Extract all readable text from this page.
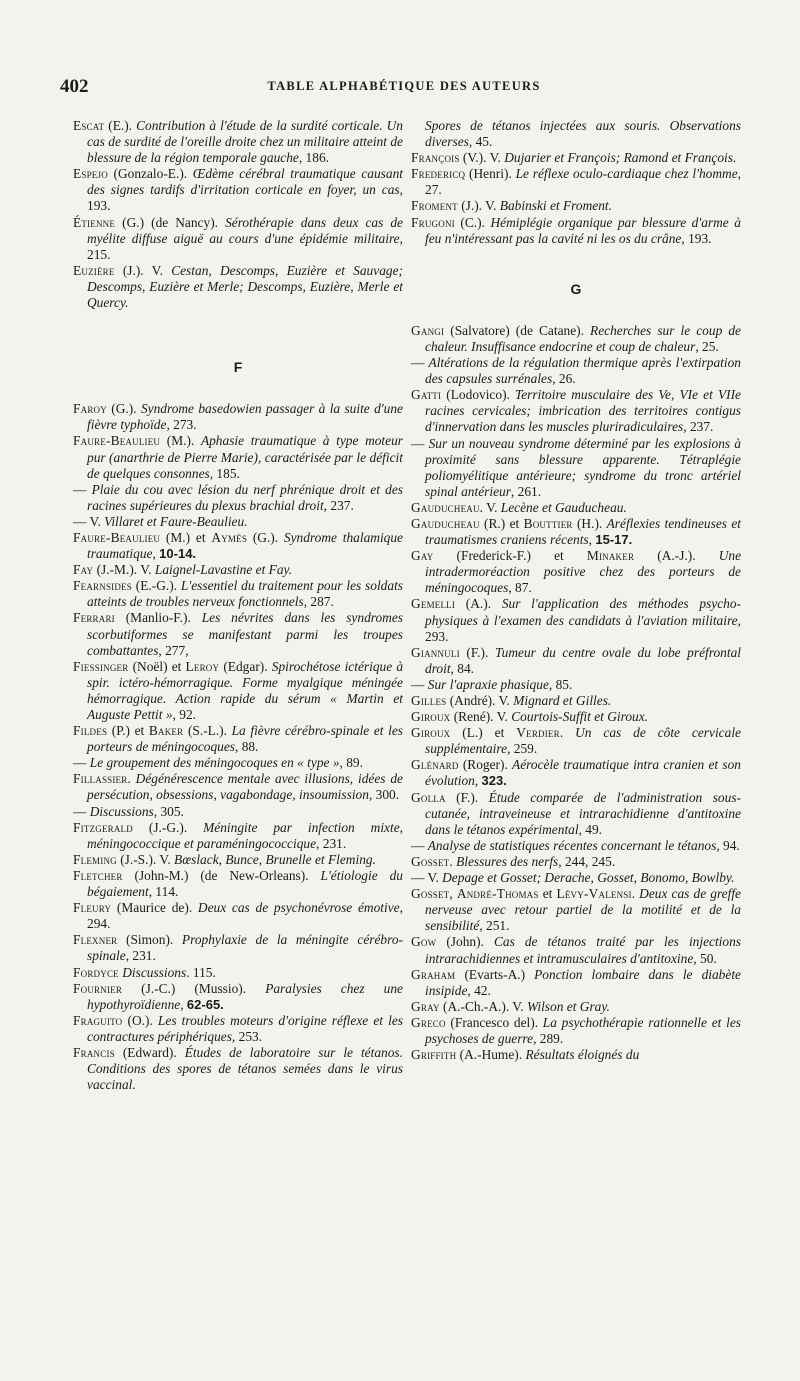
402	TABLE ALPHABÉTIQUE DES AUTEURS

Escat (E.). Contribution à l'étude de la surdité corticale. Un cas de surdité de l'oreille droite chez un militaire atteint de blessure de la région temporale gauche, 186.

Espejo (Gonzalo-E.). Œdème cérébral traumatique causant des signes tardifs d'irritation corticale en foyer, un cas, 193.

Étienne (G.) (de Nancy). Sérothérapie dans deux cas de myélite diffuse aiguë au cours d'une épidémie militaire, 215.

Euzière (J.). V. Cestan, Descomps, Euzière et Sauvage; Descomps, Euzière et Merle; Descomps, Euzière, Merle et Quercy.

F

Faroy (G.). Syndrome basedowien passager à la suite d'une fièvre typhoïde, 273.

Faure-Beaulieu (M.). Aphasie traumatique à type moteur pur (anarthrie de Pierre Marie), caractérisée par le déficit de quelques consonnes, 185.

— Plaie du cou avec lésion du nerf phrénique droit et des racines supérieures du plexus brachial droit, 237.

— V. Villaret et Faure-Beaulieu.

Faure-Beaulieu (M.) et Aymès (G.). Syndrome thalamique traumatique, 10-14.

Fay (J.-M.). V. Laignel-Lavastine et Fay.

Fearnsides (E.-G.). L'essentiel du traitement pour les soldats atteints de troubles nerveux fonctionnels, 287.

Ferrari (Manlio-F.). Les névrites dans les syndromes scorbutiformes se manifestant parmi les troupes combattantes, 277,

Fiessinger (Noël) et Leroy (Edgar). Spirochétose ictérique à spir. ictéro-hémorragique. Forme myalgique méningée hémorragique. Action rapide du sérum « Martin et Auguste Pettit », 92.

Fildes (P.) et Baker (S.-L.). La fièvre cérébro-spinale et les porteurs de méningocoques, 88.

— Le groupement des méningocoques en « type », 89.

Fillassier. Dégénérescence mentale avec illusions, idées de persécution, obsessions, vagabondage, insoumission, 300.

— Discussions, 305.

Fitzgerald (J.-G.). Méningite par infection mixte, méningococcique et paraméningococcique, 231.

Fleming (J.-S.). V. Bœslack, Bunce, Brunelle et Fleming.

Fletcher (John-M.) (de New-Orleans). L'étiologie du bégaiement, 114.

Fleury (Maurice de). Deux cas de psychonévrose émotive, 294.

Flexner (Simon). Prophylaxie de la méningite cérébro-spinale, 231.

Fordyce Discussions. 115.

Fournier (J.-C.) (Mussio). Paralysies chez une hypothyroïdienne, 62-65.

Fraguito (O.). Les troubles moteurs d'origine réflexe et les contractures périphériques, 253.

Francis (Edward). Études de laboratoire sur le tétanos. Conditions des spores de tétanos semées dans le virus vaccinal.

Spores de tétanos injectées aux souris. Observations diverses, 45.

François (V.). V. Dujarier et François; Ramond et François.

Fredericq (Henri). Le réflexe oculo-cardiaque chez l'homme, 27.

Froment (J.). V. Babinski et Froment.

Frugoni (C.). Hémiplégie organique par blessure d'arme à feu n'intéressant pas la cavité ni les os du crâne, 193.

G

Gangi (Salvatore) (de Catane). Recherches sur le coup de chaleur. Insuffisance endocrine et coup de chaleur, 25.

— Altérations de la régulation thermique après l'extirpation des capsules surrénales, 26.

Gatti (Lodovico). Territoire musculaire des Ve, VIe et VIIe racines cervicales; imbrication des territoires contigus d'innervation dans les muscles pluriradiculaires, 237.

— Sur un nouveau syndrome déterminé par les explosions à proximité sans blessure apparente. Tétraplégie poliomyélitique antérieure; syndrome du tronc artériel spinal antérieur, 261.

Gauducheau. V. Lecène et Gauducheau.

Gauducheau (R.) et Bouttier (H.). Aréflexies tendineuses et traumatismes craniens récents, 15-17.

Gay (Frederick-F.) et Minaker (A.-J.). Une intradermoréaction positive chez des porteurs de méningocoques, 87.

Gemelli (A.). Sur l'application des méthodes psycho-physiques à l'examen des candidats à l'aviation militaire, 293.

Giannuli (F.). Tumeur du centre ovale du lobe préfrontal droit, 84.

— Sur l'apraxie phasique, 85.

Gilles (André). V. Mignard et Gilles.

Giroux (René). V. Courtois-Suffit et Giroux.

Giroux (L.) et Verdier. Un cas de côte cervicale supplémentaire, 259.

Glénard (Roger). Aérocèle traumatique intra cranien et son évolution, 323.

Golla (F.). Étude comparée de l'administration sous-cutanée, intraveineuse et intrarachidienne d'antitoxine dans le tétanos expérimental, 49.

— Analyse de statistiques récentes concernant le tétanos, 94.

Gosset. Blessures des nerfs, 244, 245.

— V. Depage et Gosset; Derache, Gosset, Bonomo, Bowlby.

Gosset, André-Thomas et Lévy-Valensi. Deux cas de greffe nerveuse avec retour partiel de la motilité et de la sensibilité, 251.

Gow (John). Cas de tétanos traité par les injections intrarachidiennes et intramusculaires d'antitoxine, 50.

Graham (Evarts-A.) Ponction lombaire dans le diabète insipide, 42.

Gray (A.-Ch.-A.). V. Wilson et Gray.

Greco (Francesco del). La psychothérapie rationnelle et les psychoses de guerre, 289.

Griffith (A.-Hume). Résultats éloignés du
